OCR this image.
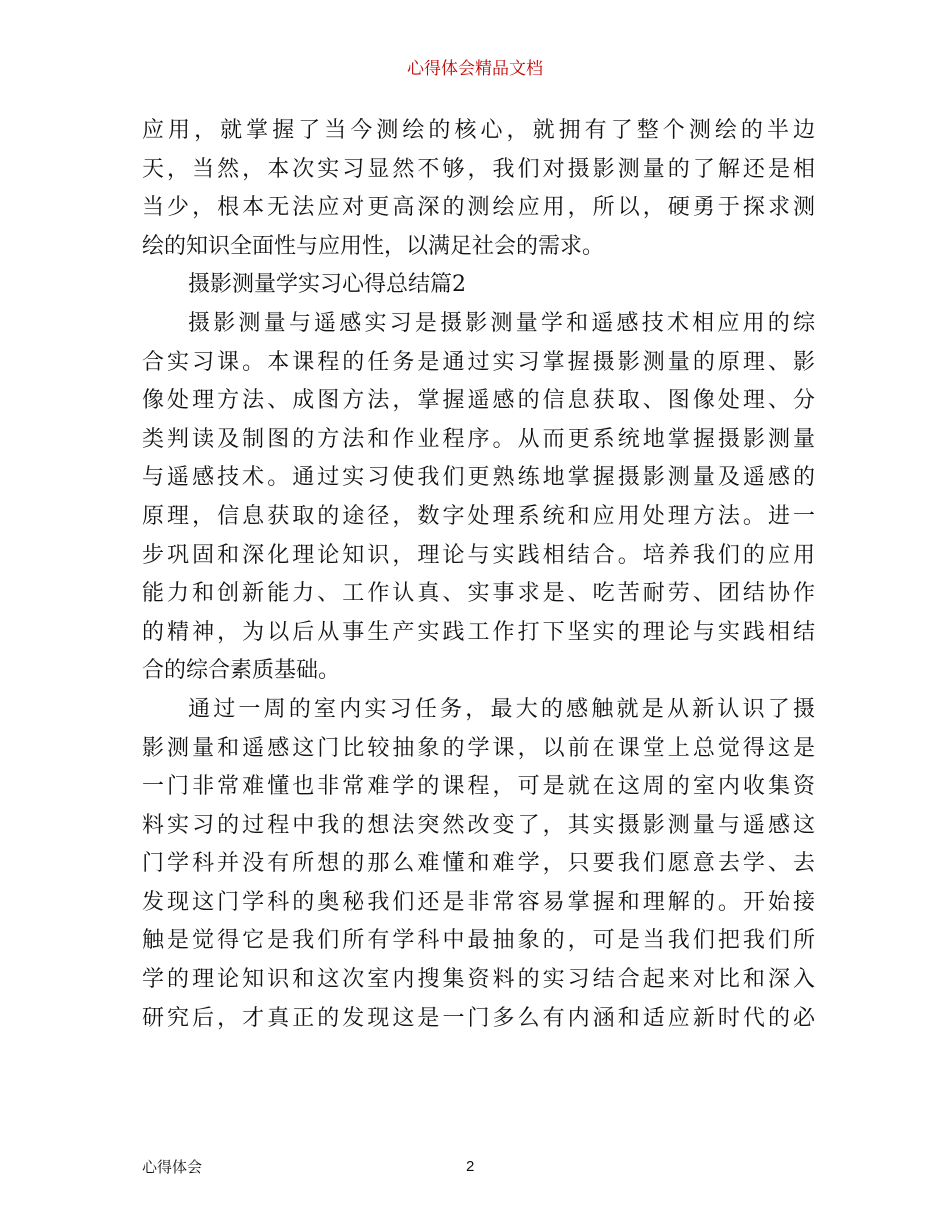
心得体会精品文档
应用，就掌握了当今测绘的核心，就拥有了整个测绘的半边
天，当然，本次实习显然不够，我们对摄影测量的了解还是相
当少，根本无法应对更高深的测绘应用，所以，硬勇于探求测
绘的知识全面性与应用性，以满足社会的需求。
摄影测量学实习心得总结篇2
摄影测量与遥感实习是摄影测量学和遥感技术相应用的综
合实习课。本课程的任务是通过实习掌握摄影测量的原理、影
像处理方法、成图方法，掌握遥感的信息获取、图像处理、分
类判读及制图的方法和作业程序。从而更系统地掌握摄影测量
与遥感技术。通过实习使我们更熟练地掌握摄影测量及遥感的
原理，信息获取的途径，数字处理系统和应用处理方法。进一
步巩固和深化理论知识，理论与实践相结合。培养我们的应用
能力和创新能力、工作认真、实事求是、吃苦耐劳、团结协作
的精神，为以后从事生产实践工作打下坚实的理论与实践相结
合的综合素质基础。
通过一周的室内实习任务，最大的感触就是从新认识了摄
影测量和遥感这门比较抽象的学课，以前在课堂上总觉得这是
一门非常难懂也非常难学的课程，可是就在这周的室内收集资
料实习的过程中我的想法突然改变了，其实摄影测量与遥感这
门学科并没有所想的那么难懂和难学，只要我们愿意去学、去
发现这门学科的奥秘我们还是非常容易掌握和理解的。开始接
触是觉得它是我们所有学科中最抽象的，可是当我们把我们所
学的理论知识和这次室内搜集资料的实习结合起来对比和深入
研究后，才真正的发现这是一门多么有内涵和适应新时代的必
心得体会	2
